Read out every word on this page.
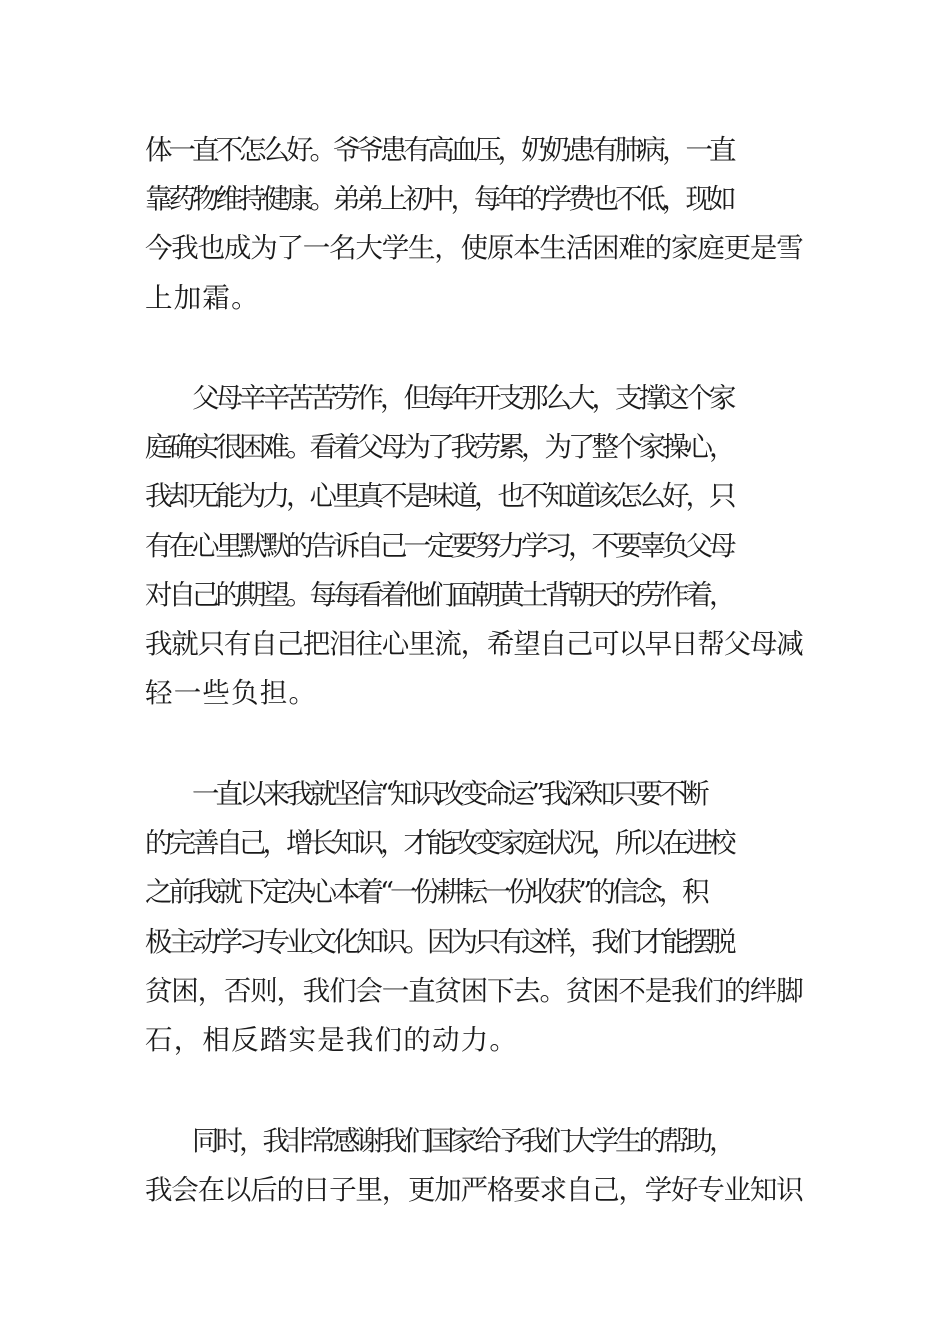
体一直不怎么好。爷爷患有高血压，奶奶患有肺病，一直
靠药物维持健康。弟弟上初中，每年的学费也不低，现如
今我也成为了一名大学生，使原本生活困难的家庭更是雪
上加霜。
　　父母辛辛苦苦劳作，但每年开支那么大，支撑这个家
庭确实很困难。看着父母为了我劳累，为了整个家操心，
我却无能为力，心里真不是味道，也不知道该怎么好，只
有在心里默默的告诉自己一定要努力学习，不要辜负父母
对自己的期望。每每看着他们面朝黄土背朝天的劳作着，
我就只有自己把泪往心里流，希望自己可以早日帮父母减
轻一些负担。
　　一直以来我就坚信“知识改变命运”我深知只要不断
的完善自己，增长知识，才能改变家庭状况，所以在进校
之前我就下定决心本着“一份耕耘一份收获”的信念，积
极主动学习专业文化知识。因为只有这样，我们才能摆脱
贫困，否则，我们会一直贫困下去。贫困不是我们的绊脚
石，相反踏实是我们的动力。
　　同时，我非常感谢我们国家给予我们大学生的帮助，
我会在以后的日子里，更加严格要求自己，学好专业知识
